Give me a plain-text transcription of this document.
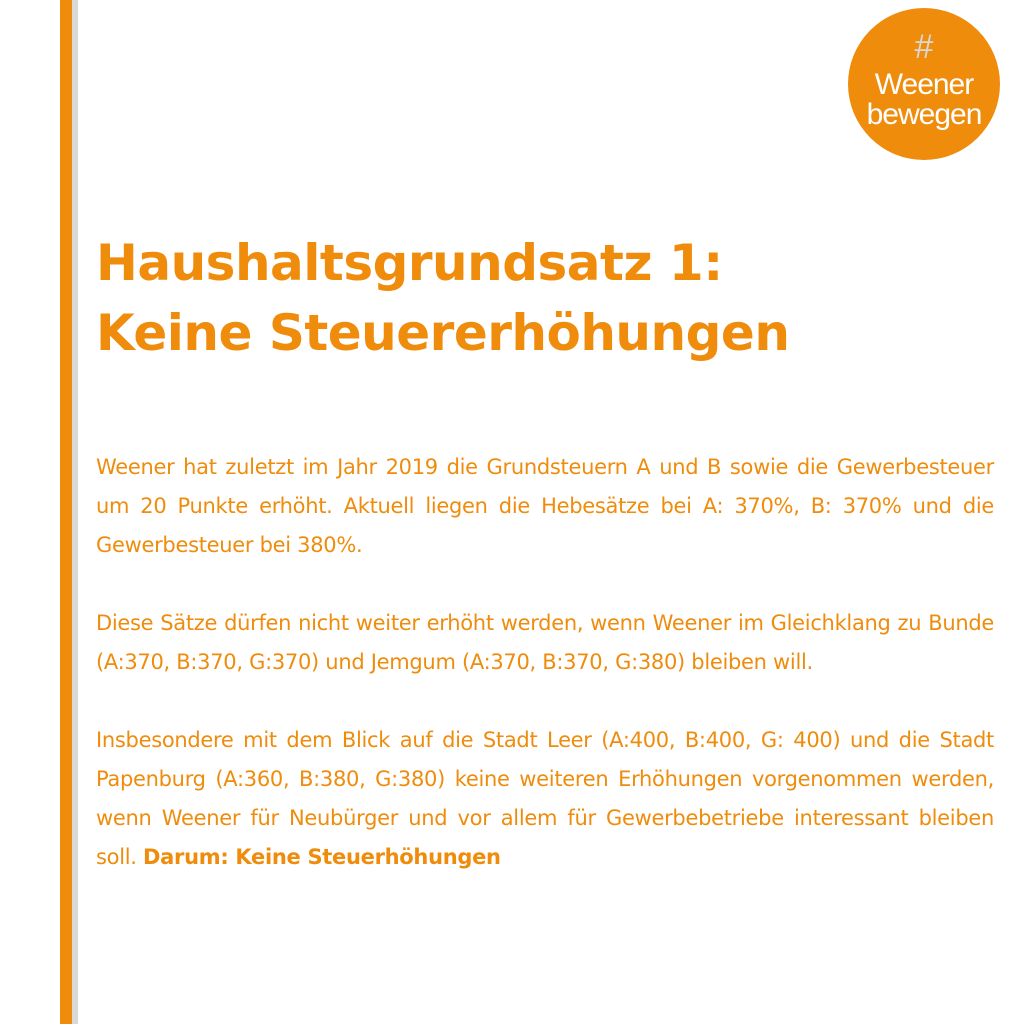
#
Weener
bewegen
Haushaltsgrundsatz 1:
Keine Steuererhöhungen

Weener hat zuletzt im Jahr 2019 die Grundsteuern A und B sowie die Gewerbesteuer um 20 Punkte erhöht. Aktuell liegen die Hebesätze bei A: 370%, B: 370% und die Gewerbesteuer bei 380%.

Diese Sätze dürfen nicht weiter erhöht werden, wenn Weener im Gleichklang zu Bunde (A:370, B:370, G:370) und Jemgum (A:370, B:370, G:380) bleiben will.

Insbesondere mit dem Blick auf die Stadt Leer (A:400, B:400, G: 400) und die Stadt Papenburg (A:360, B:380, G:380) keine weiteren Erhöhungen vorgenommen werden, wenn Weener für Neubürger und vor allem für Gewerbebetriebe interessant bleiben soll. Darum: Keine Steuerhöhungen
